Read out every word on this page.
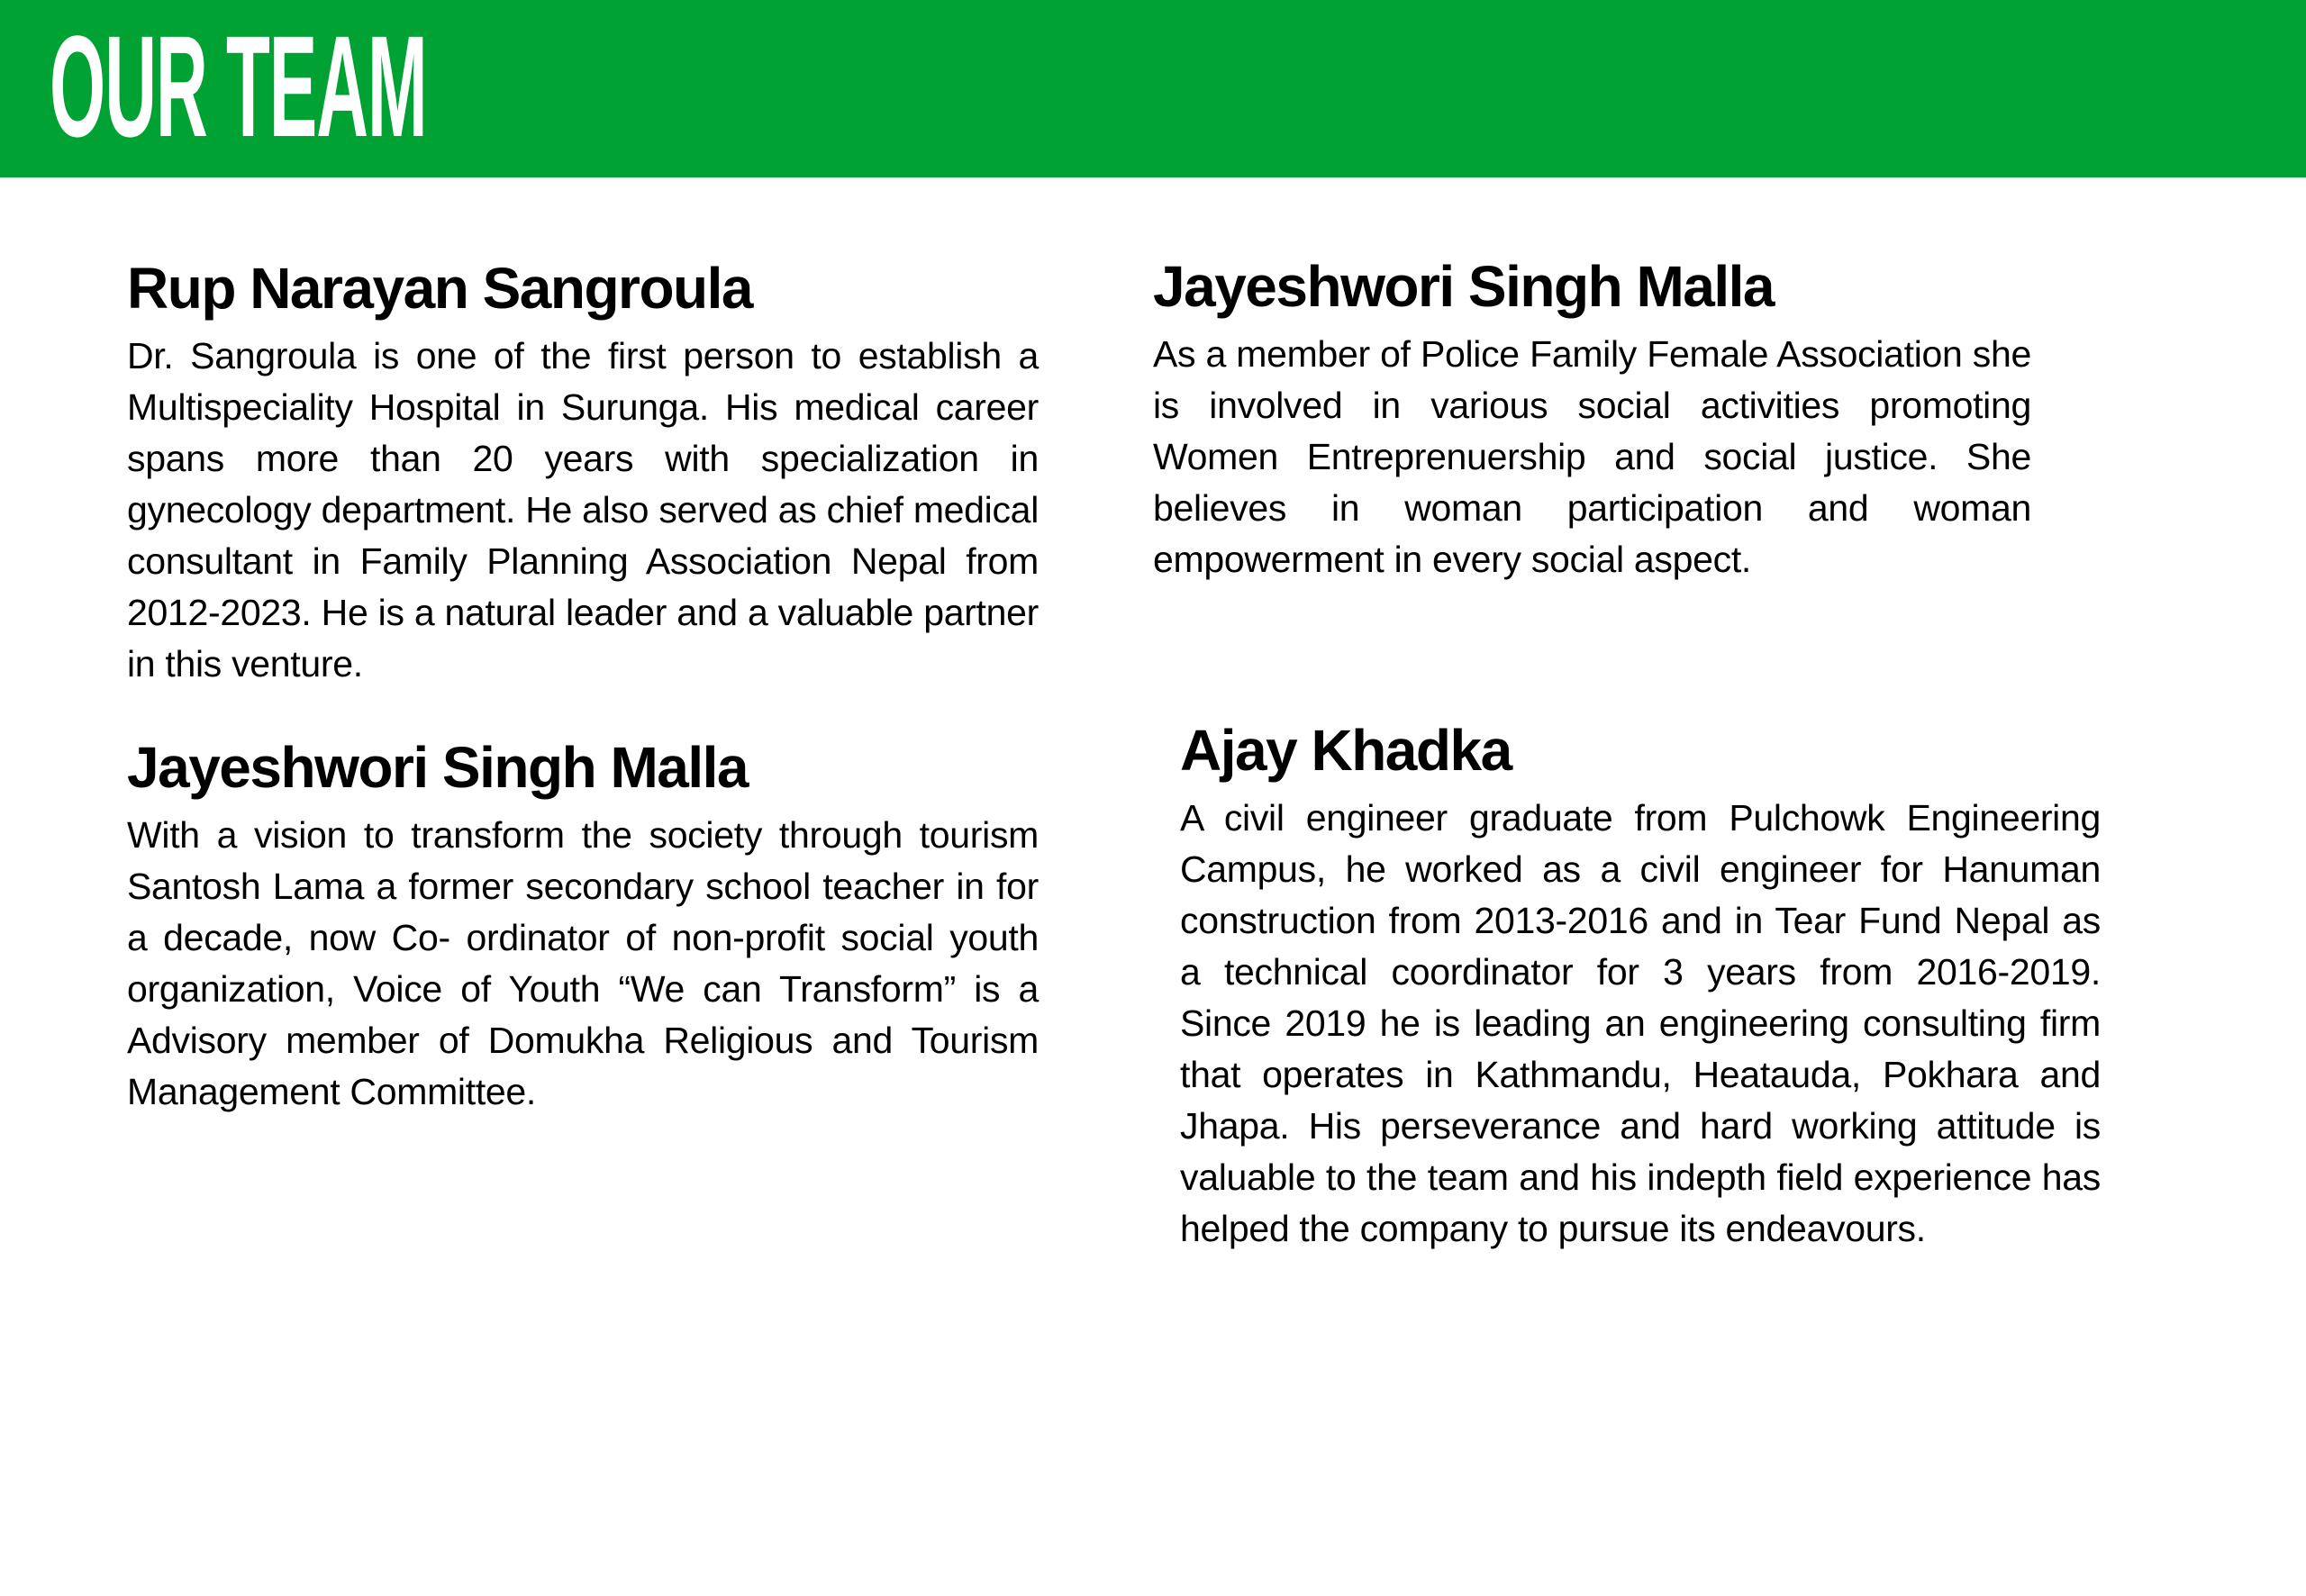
OUR TEAM
Rup Narayan Sangroula

Dr. Sangroula is one of the first person to establish a Multispeciality Hospital in Surunga. His medical career spans more than 20 years with specialization in gynecology department. He also served as chief medical consultant in Family Planning Association Nepal from 2012-2023. He is a natural leader and a valuable partner in this venture.

Jayeshwori Singh Malla

With a vision to transform the society through tourism Santosh Lama a former secondary school teacher in for a decade, now Co- ordinator of non-profit social youth organization, Voice of Youth “We can Transform” is a Advisory member of Domukha Religious and Tourism Management Committee.

Jayeshwori Singh Malla

As a member of Police Family Female Association she is involved in various social activities promoting Women Entreprenuership and social justice. She believes in woman participation and woman empowerment in every social aspect.

Ajay Khadka

A civil engineer graduate from Pulchowk Engineering Campus, he worked as a civil engineer for Hanuman construction from 2013-2016 and in Tear Fund Nepal as a technical coordinator for 3 years from 2016-2019. Since 2019 he is leading an engineering consulting firm that operates in Kathmandu, Heatauda, Pokhara and Jhapa. His perseverance and hard working attitude is valuable to the team and his indepth field experience has helped the company to pursue its endeavours.
